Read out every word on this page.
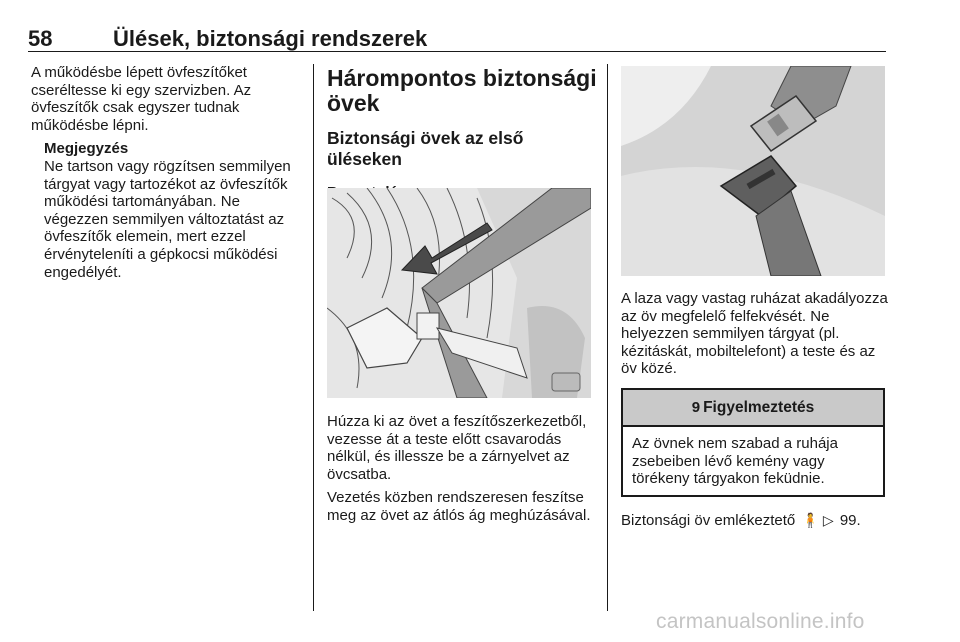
58	Ülések, biztonsági rendszerek

A működésbe lépett övfeszítőket cseréltesse ki egy szervizben. Az övfeszítők csak egyszer tudnak működésbe lépni.

Megjegyzés
Ne tartson vagy rögzítsen semmilyen tárgyat vagy tartozékot az övfeszítők működési tartományában. Ne végezzen semmilyen változtatást az övfeszítők elemein, mert ezzel érvényteleníti a gépkocsi működési engedélyét.
Hárompontos biztonsági övek
Biztonsági övek az első üléseken

Húzza ki az övet a feszítőszerkezetből, vezesse át a teste előtt csavarodás nélkül, és illessze be a zárnyelvet az övcsatba.

Vezetés közben rendszeresen feszítse meg az övet az átlós ág meghúzásával.

A laza vagy vastag ruházat akadályozza az öv megfelelő felfekvését. Ne helyezzen semmilyen tárgyat (pl. kézitáskát, mobiltelefont) a teste és az öv közé.

9 Figyelmeztetés
Az övnek nem szabad a ruhája zsebeiben lévő kemény vagy törékeny tárgyakon feküdnie.
Biztonsági öv emlékeztető 🧍 ▷ 99.
carmanualsonline.info
